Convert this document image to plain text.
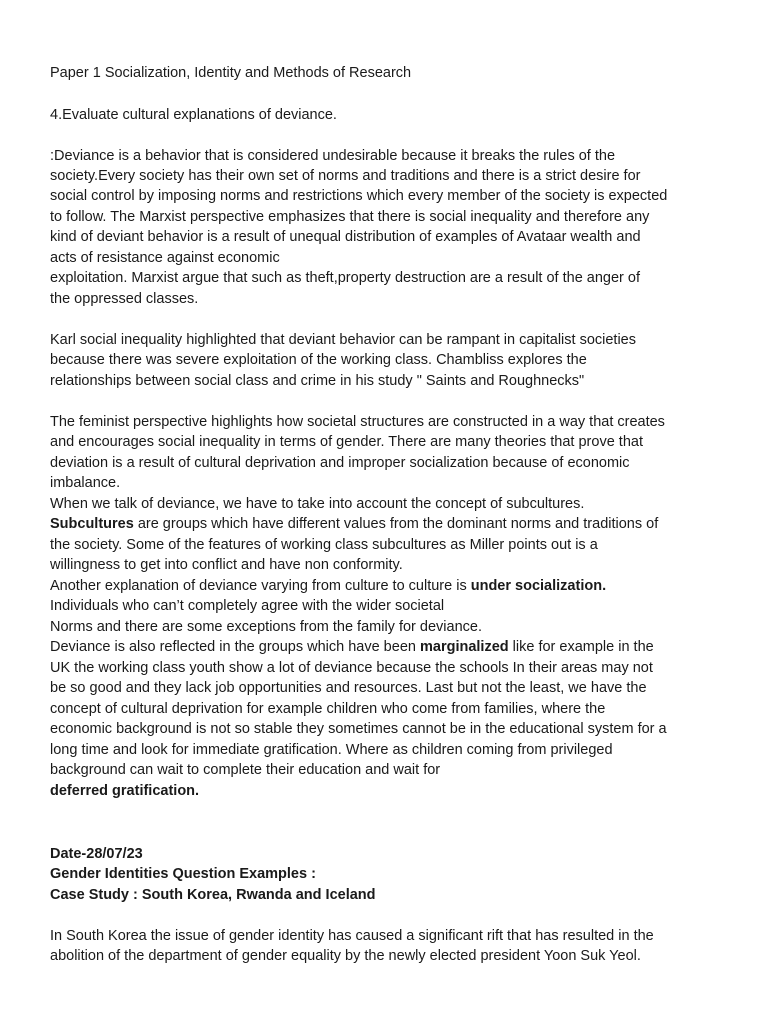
Paper 1 Socialization, Identity and Methods of Research

4.Evaluate cultural explanations of deviance.

:Deviance is a behavior that is considered undesirable because it breaks the rules of the

society.Every society has their own set of norms and traditions and there is a strict desire for

social control by imposing norms and restrictions which every member of the society is expected

to follow. The Marxist perspective emphasizes that there is social inequality and therefore any

kind of deviant behavior is a result of unequal distribution of examples of Avataar wealth and

acts of resistance against economic

exploitation. Marxist argue that such as theft,property destruction are a result of the anger of

the oppressed classes.

Karl social inequality highlighted that deviant behavior can be rampant in capitalist societies

because there was severe exploitation of the working class. Chambliss explores the

relationships between social class and crime in his study " Saints and Roughnecks"

The feminist perspective highlights how societal structures are constructed in a way that creates

and encourages social inequality in terms of gender. There are many theories that prove that

deviation is a result of cultural deprivation and improper socialization because of economic

imbalance.

When we talk of deviance, we have to take into account the concept of subcultures.

Subcultures are groups which have different values from the dominant norms and traditions of

the society. Some of the features of working class subcultures as Miller points out is a

willingness to get into conflict and have non conformity.

Another explanation of deviance varying from culture to culture is under socialization.

Individuals who can’t completely agree with the wider societal

Norms and there are some exceptions from the family for deviance.

Deviance is also reflected in the groups which have been marginalized like for example in the

UK the working class youth show a lot of deviance because the schools In their areas may not

be so good and they lack job opportunities and resources. Last but not the least, we have the

concept of cultural deprivation for example children who come from families, where the

economic background is not so stable they sometimes cannot be in the educational system for a

long time and look for immediate gratification. Where as children coming from privileged

background can wait to complete their education and wait for

deferred gratification.

Date-28/07/23

Gender Identities Question Examples :

Case Study : South Korea, Rwanda and Iceland

In South Korea the issue of gender identity has caused a significant rift that has resulted in the

abolition of the department of gender equality by the newly elected president Yoon Suk Yeol.
